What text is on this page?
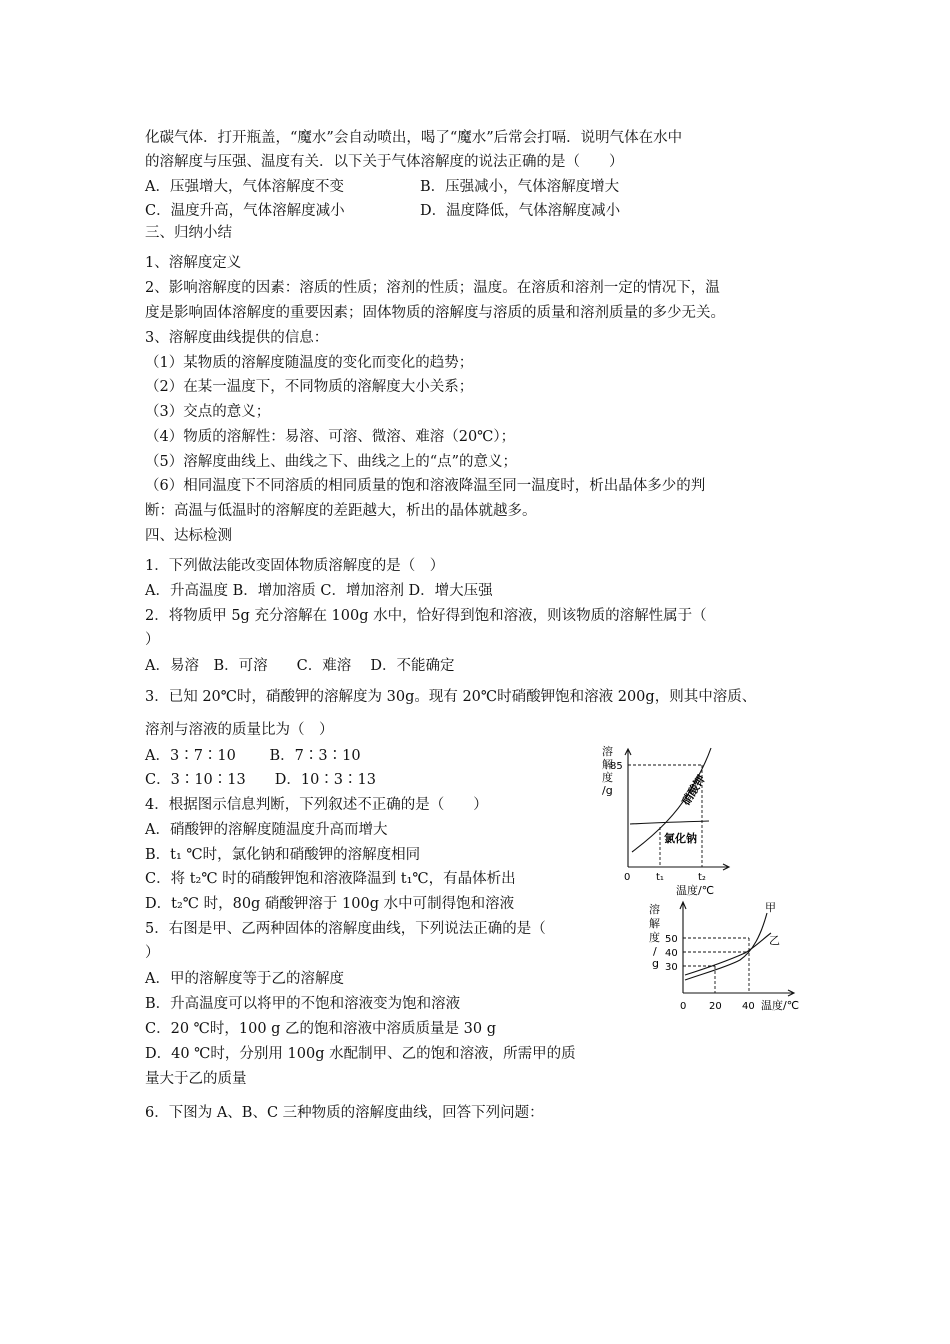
化碳气体．打开瓶盖，“魔水”会自动喷出，喝了“魔水”后常会打嗝．说明气体在水中
的溶解度与压强、温度有关．以下关于气体溶解度的说法正确的是（　　）
A．压强增大，气体溶解度不变	B．压强减小，气体溶解度增大
C．温度升高，气体溶解度减小	D．温度降低，气体溶解度减小
三、归纳小结
1、溶解度定义
2、影响溶解度的因素：溶质的性质；溶剂的性质；温度。在溶质和溶剂一定的情况下，温
度是影响固体溶解度的重要因素；固体物质的溶解度与溶质的质量和溶剂质量的多少无关。
3、溶解度曲线提供的信息：
（1）某物质的溶解度随温度的变化而变化的趋势；
（2）在某一温度下，不同物质的溶解度大小关系；
（3）交点的意义；
（4）物质的溶解性：易溶、可溶、微溶、难溶（20℃）；
（5）溶解度曲线上、曲线之下、曲线之上的“点”的意义；
（6）相同温度下不同溶质的相同质量的饱和溶液降温至同一温度时，析出晶体多少的判
断：高温与低温时的溶解度的差距越大，析出的晶体就越多。
四、达标检测
1．下列做法能改变固体物质溶解度的是（　）
A．升高温度 B．增加溶质 C．增加溶剂 D．增大压强
2．将物质甲 5g 充分溶解在 100g 水中，恰好得到饱和溶液，则该物质的溶解性属于（
）
A．易溶　B．可溶　　C．难溶　 D．不能确定
3．已知 20℃时，硝酸钾的溶解度为 30g。现有 20℃时硝酸钾饱和溶液 200g，则其中溶质、
溶剂与溶液的质量比为（　）
A．3∶7∶10　　 B．7∶3∶10
C．3∶10∶13　　D．10∶3∶13
4．根据图示信息判断，下列叙述不正确的是（　　）
A．硝酸钾的溶解度随温度升高而增大
B．t₁ ℃时，氯化钠和硝酸钾的溶解度相同
C．将 t₂℃ 时的硝酸钾饱和溶液降温到 t₁℃，有晶体析出
D．t₂℃ 时，80g 硝酸钾溶于 100g 水中可制得饱和溶液
5．右图是甲、乙两种固体的溶解度曲线，下列说法正确的是（
）
A．甲的溶解度等于乙的溶解度
B．升高温度可以将甲的不饱和溶液变为饱和溶液
C．20 ℃时，100 g 乙的饱和溶液中溶质质量是 30 g
D．40 ℃时，分别用 100g 水配制甲、乙的饱和溶液，所需甲的质
量大于乙的质量
6．下图为 A、B、C 三种物质的溶解度曲线，回答下列问题：
溶
解
度
/g
85
0	t₁	t₂
温度/℃
硝酸钾
氯化钠
溶
解
度
/
g
50
40
30
0 20 40 温度/℃
甲
乙
